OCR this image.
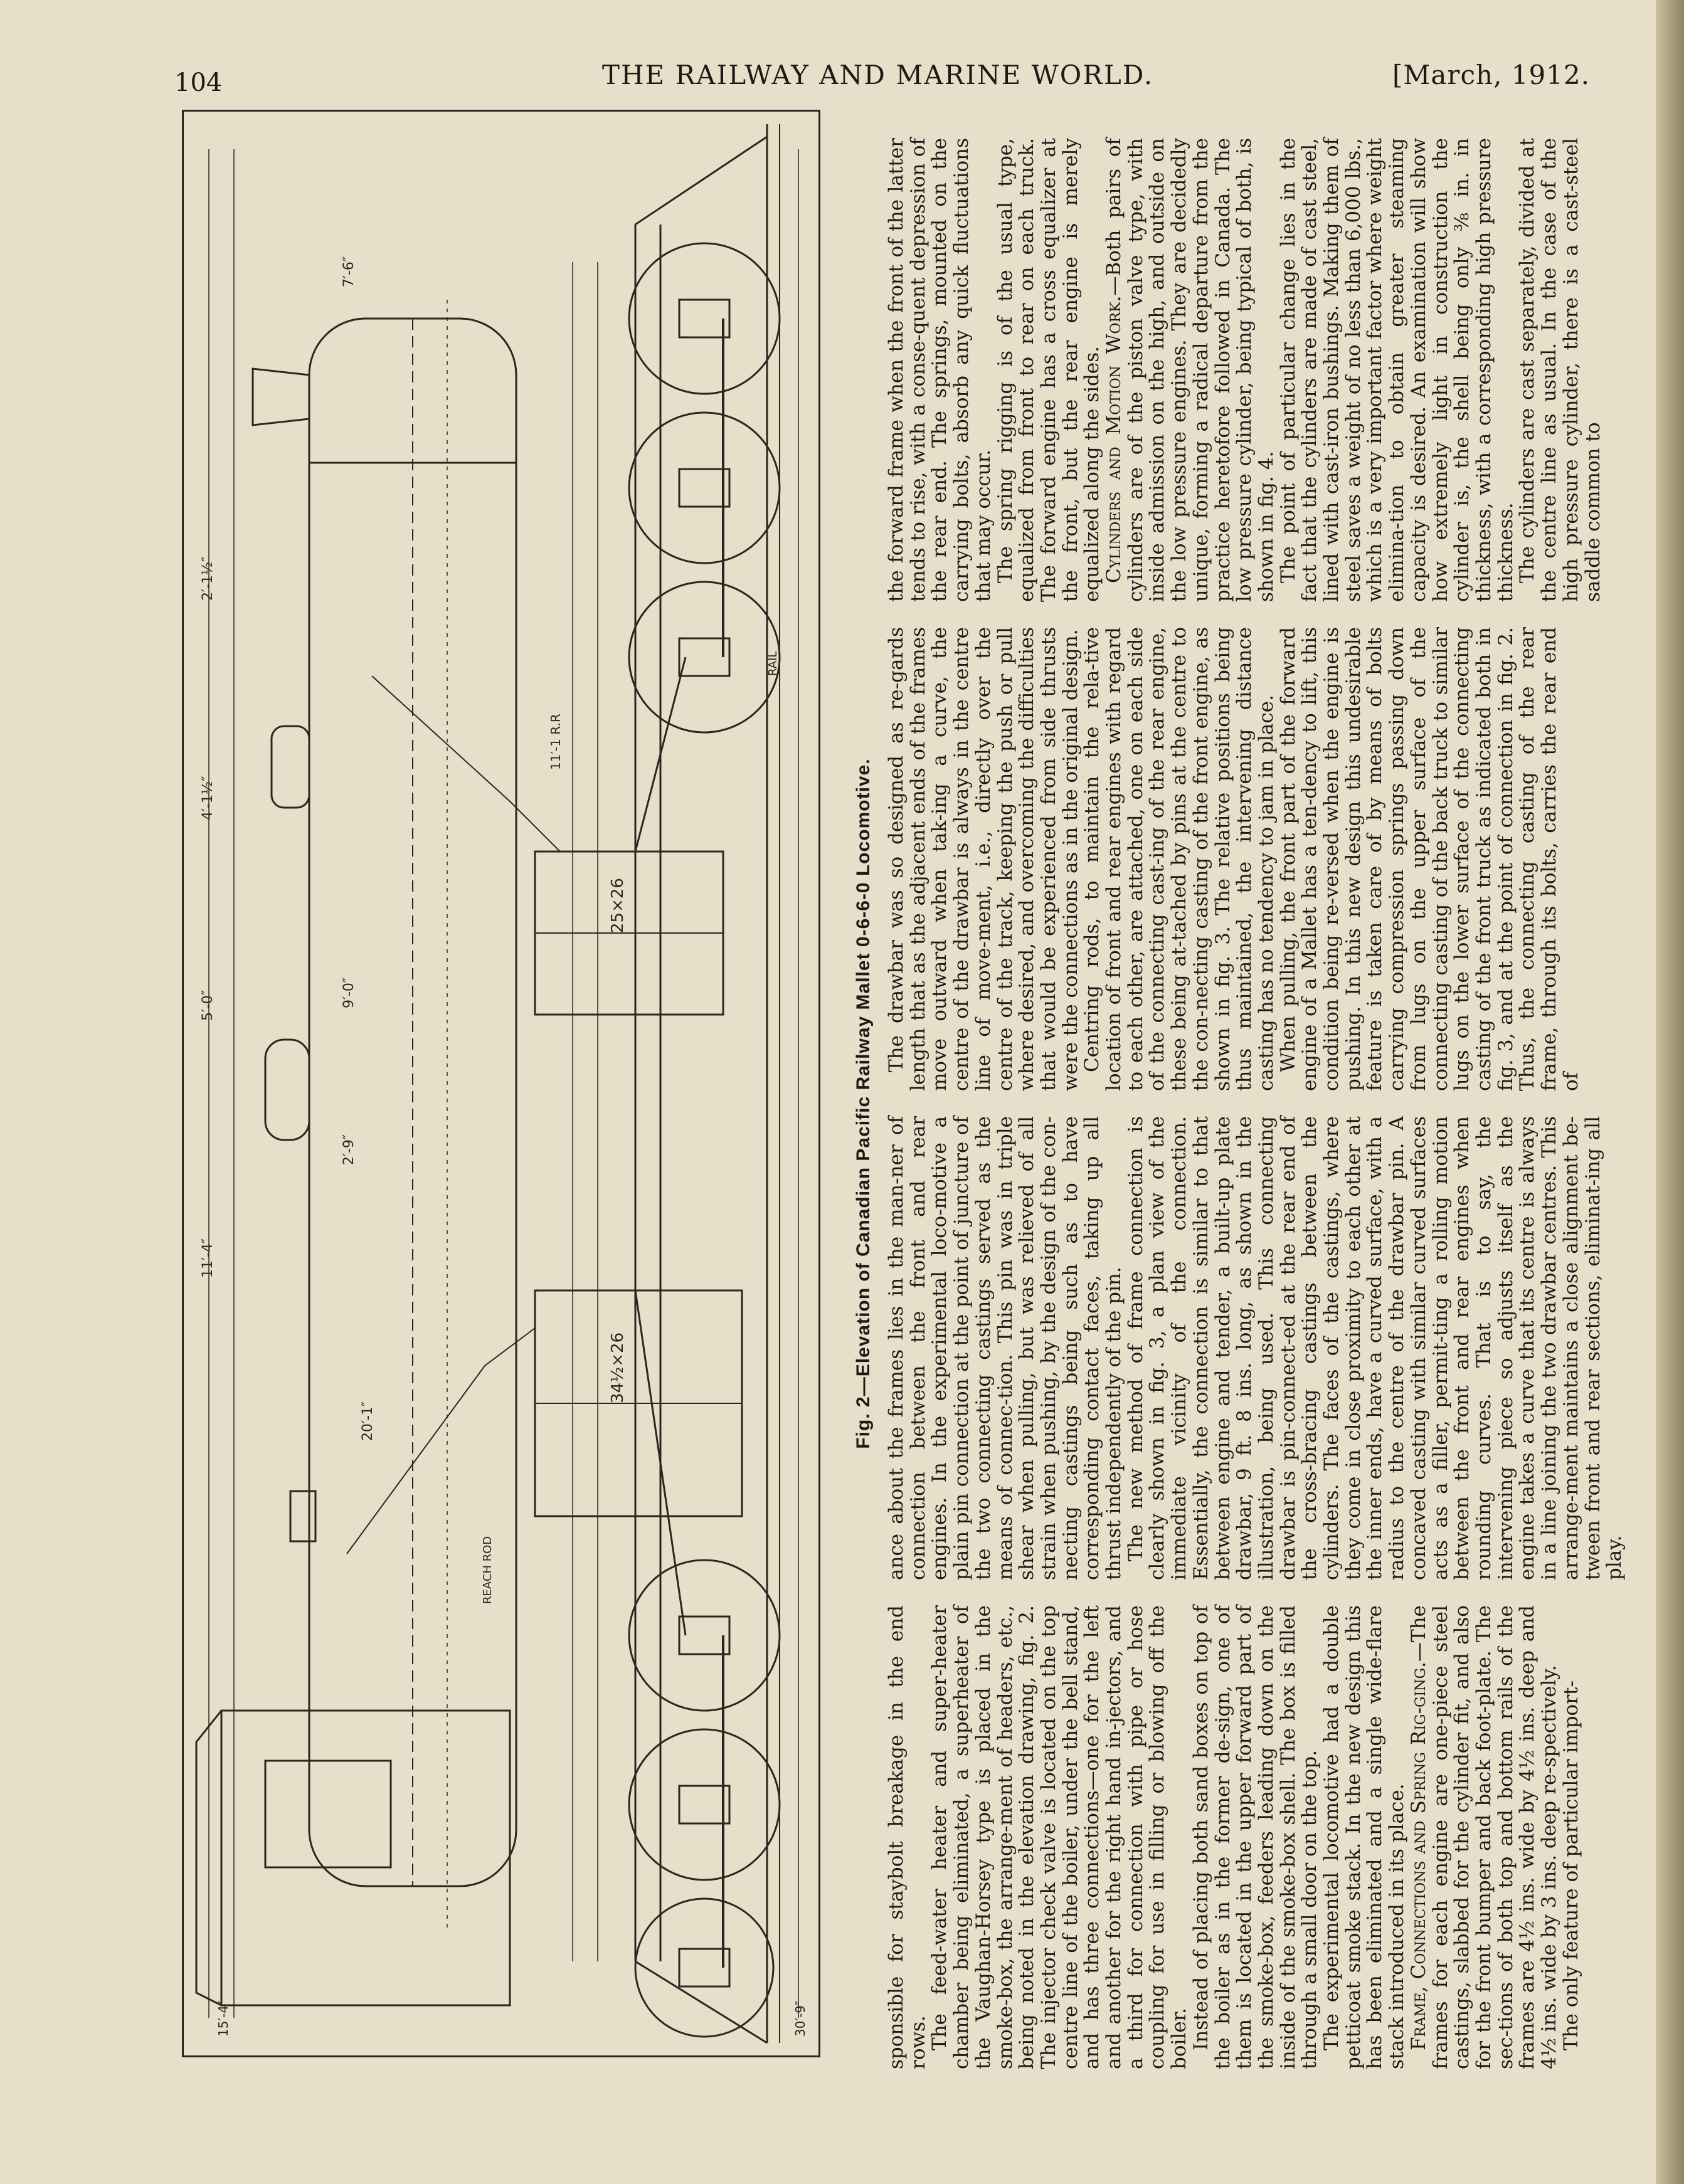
104	THE RAILWAY AND MARINE WORLD.	[March, 1912.
25×26
34½×26
15′-4″	30′-9″
20′-1″
11′-4″
9′-0″
7′-6″
2′-9″
2′-1½″
4′-1½″
5′-0″
11′-1 R.R
RAIL
REACH ROD
Fig. 2—Elevation of Canadian Pacific Railway Mallet 0-6-6-0 Locomotive.

sponsible for staybolt breakage in the end rows.

The feed-water heater and super-heater chamber being eliminated, a superheater of the Vaughan-Horsey type is placed in the smoke-box, the arrange-ment of headers, etc., being noted in the elevation drawing, fig. 2. The injector check valve is located on the top centre line of the boiler, under the bell stand, and has three connections—one for the left and another for the right hand in-jectors, and a third for connection with pipe or hose coupling for use in filling or blowing off the boiler.

Instead of placing both sand boxes on top of the boiler as in the former de-sign, one of them is located in the upper forward part of the smoke-box, feeders leading down on the inside of the smoke-box shell. The box is filled through a small door on the top.

The experimental locomotive had a double petticoat smoke stack. In the new design this has been eliminated and a single wide-flare stack introduced in its place.

Frame, Connections and Spring Rig-ging.—The frames for each engine are one-piece steel castings, slabbed for the cylinder fit, and also for the front bumper and back foot-plate. The sec-tions of both top and bottom rails of the frames are 4½ ins. wide by 4½ ins. deep and 4½ ins. wide by 3 ins. deep re-spectively.

The only feature of particular import-

ance about the frames lies in the man-ner of connection between the front and rear engines. In the experimental loco-motive a plain pin connection at the point of juncture of the two connecting castings served as the means of connec-tion. This pin was in triple shear when pulling, but was relieved of all strain when pushing, by the design of the con-necting castings being such as to have corresponding contact faces, taking up all thrust independently of the pin.

The new method of frame connection is clearly shown in fig. 3, a plan view of the immediate vicinity of the connection. Essentially, the connection is similar to that between engine and tender, a built-up plate drawbar, 9 ft. 8 ins. long, as shown in the illustration, being used. This connecting drawbar is pin-connect-ed at the rear end of the cross-bracing castings between the cylinders. The faces of the castings, where they come in close proximity to each other at the inner ends, have a curved surface, with a radius to the centre of the drawbar pin. A concaved casting with similar curved surfaces acts as a filler, permit-ting a rolling motion between the front and rear engines when rounding curves. That is to say, the intervening piece so adjusts itself as the engine takes a curve that its centre is always in a line joining the two drawbar centres. This arrange-ment maintains a close alignment be-tween front and rear sections, eliminat-ing all play.

The drawbar was so designed as re-gards length that as the adjacent ends of the frames move outward when tak-ing a curve, the centre of the drawbar is always in the centre line of move-ment, i.e., directly over the centre of the track, keeping the push or pull where desired, and overcoming the difficulties that would be experienced from side thrusts were the connections as in the original design.

Centring rods, to maintain the rela-tive location of front and rear engines with regard to each other, are attached, one on each side of the connecting cast-ing of the rear engine, these being at-tached by pins at the centre to the con-necting casting of the front engine, as shown in fig. 3. The relative positions being thus maintained, the intervening distance casting has no tendency to jam in place.

When pulling, the front part of the forward engine of a Mallet has a ten-dency to lift, this condition being re-versed when the engine is pushing. In this new design this undesirable feature is taken care of by means of bolts carrying compression springs passing down from lugs on the upper surface of the connecting casting of the back truck to similar lugs on the lower surface of the connecting casting of the front truck as indicated both in fig. 3, and at the point of connection in fig. 2. Thus, the connecting casting of the rear frame, through its bolts, carries the rear end of

the forward frame when the front of the latter tends to rise, with a conse-quent depression of the rear end. The springs, mounted on the carrying bolts, absorb any quick fluctuations that may occur.

The spring rigging is of the usual type, equalized from front to rear on each truck. The forward engine has a cross equalizer at the front, but the rear engine is merely equalized along the sides.

Cylinders and Motion Work.—Both pairs of cylinders are of the piston valve type, with inside admission on the high, and outside on the low pressure engines. They are decidedly unique, forming a radical departure from the practice heretofore followed in Canada. The low pressure cylinder, being typical of both, is shown in fig. 4.

The point of particular change lies in the fact that the cylinders are made of cast steel, lined with cast-iron bushings. Making them of steel saves a weight of no less than 6,000 lbs., which is a very important factor where weight elimina-tion to obtain greater steaming capacity is desired. An examination will show how extremely light in construction the cylinder is, the shell being only ⅜ in. in thickness, with a corresponding high pressure thickness.

The cylinders are cast separately, divided at the centre line as usual. In the case of the high pressure cylinder, there is a cast-steel saddle common to
